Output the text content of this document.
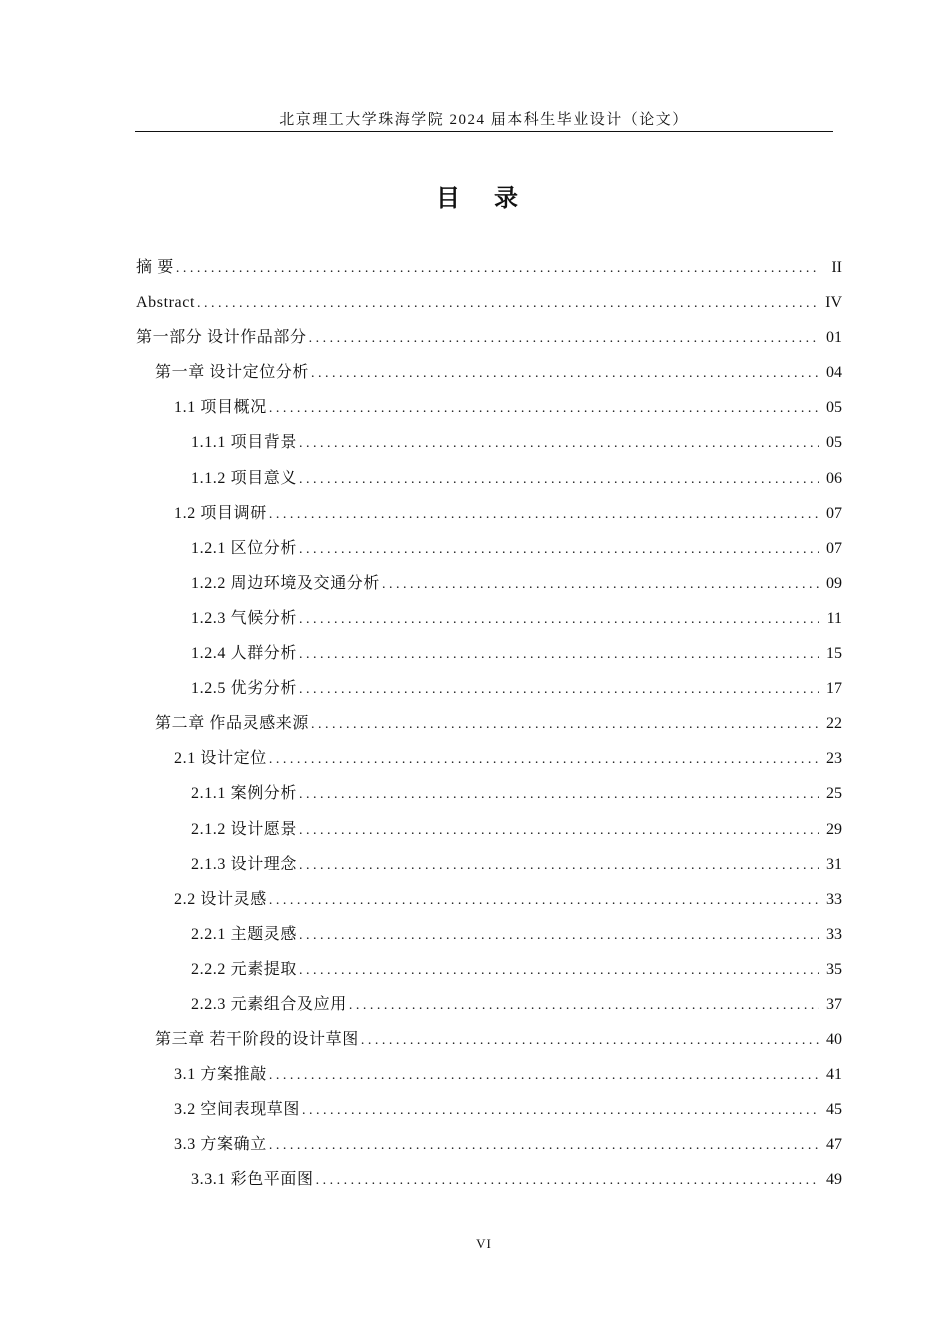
北京理工大学珠海学院 2024 届本科生毕业设计（论文）
目 录
摘 要 . . .	II
Abstract . . .	IV
第一部分 设计作品部分 . . .	01
第一章 设计定位分析 . . .	04
1.1 项目概况 . . .	05
1.1.1 项目背景 . . .	05
1.1.2 项目意义 . . .	06
1.2 项目调研 . . .	07
1.2.1 区位分析 . . .	07
1.2.2 周边环境及交通分析 . . .	09
1.2.3 气候分析 . . .	11
1.2.4 人群分析 . . .	15
1.2.5 优劣分析 . . .	17
第二章 作品灵感来源 . . .	22
2.1 设计定位 . . .	23
2.1.1 案例分析 . . .	25
2.1.2 设计愿景 . . .	29
2.1.3 设计理念 . . .	31
2.2 设计灵感 . . .	33
2.2.1 主题灵感 . . .	33
2.2.2 元素提取 . . .	35
2.2.3 元素组合及应用 . . .	37
第三章 若干阶段的设计草图 . . .	40
3.1 方案推敲 . . .	41
3.2 空间表现草图 . . .	45
3.3 方案确立 . . .	47
3.3.1 彩色平面图 . . .	49
VI
